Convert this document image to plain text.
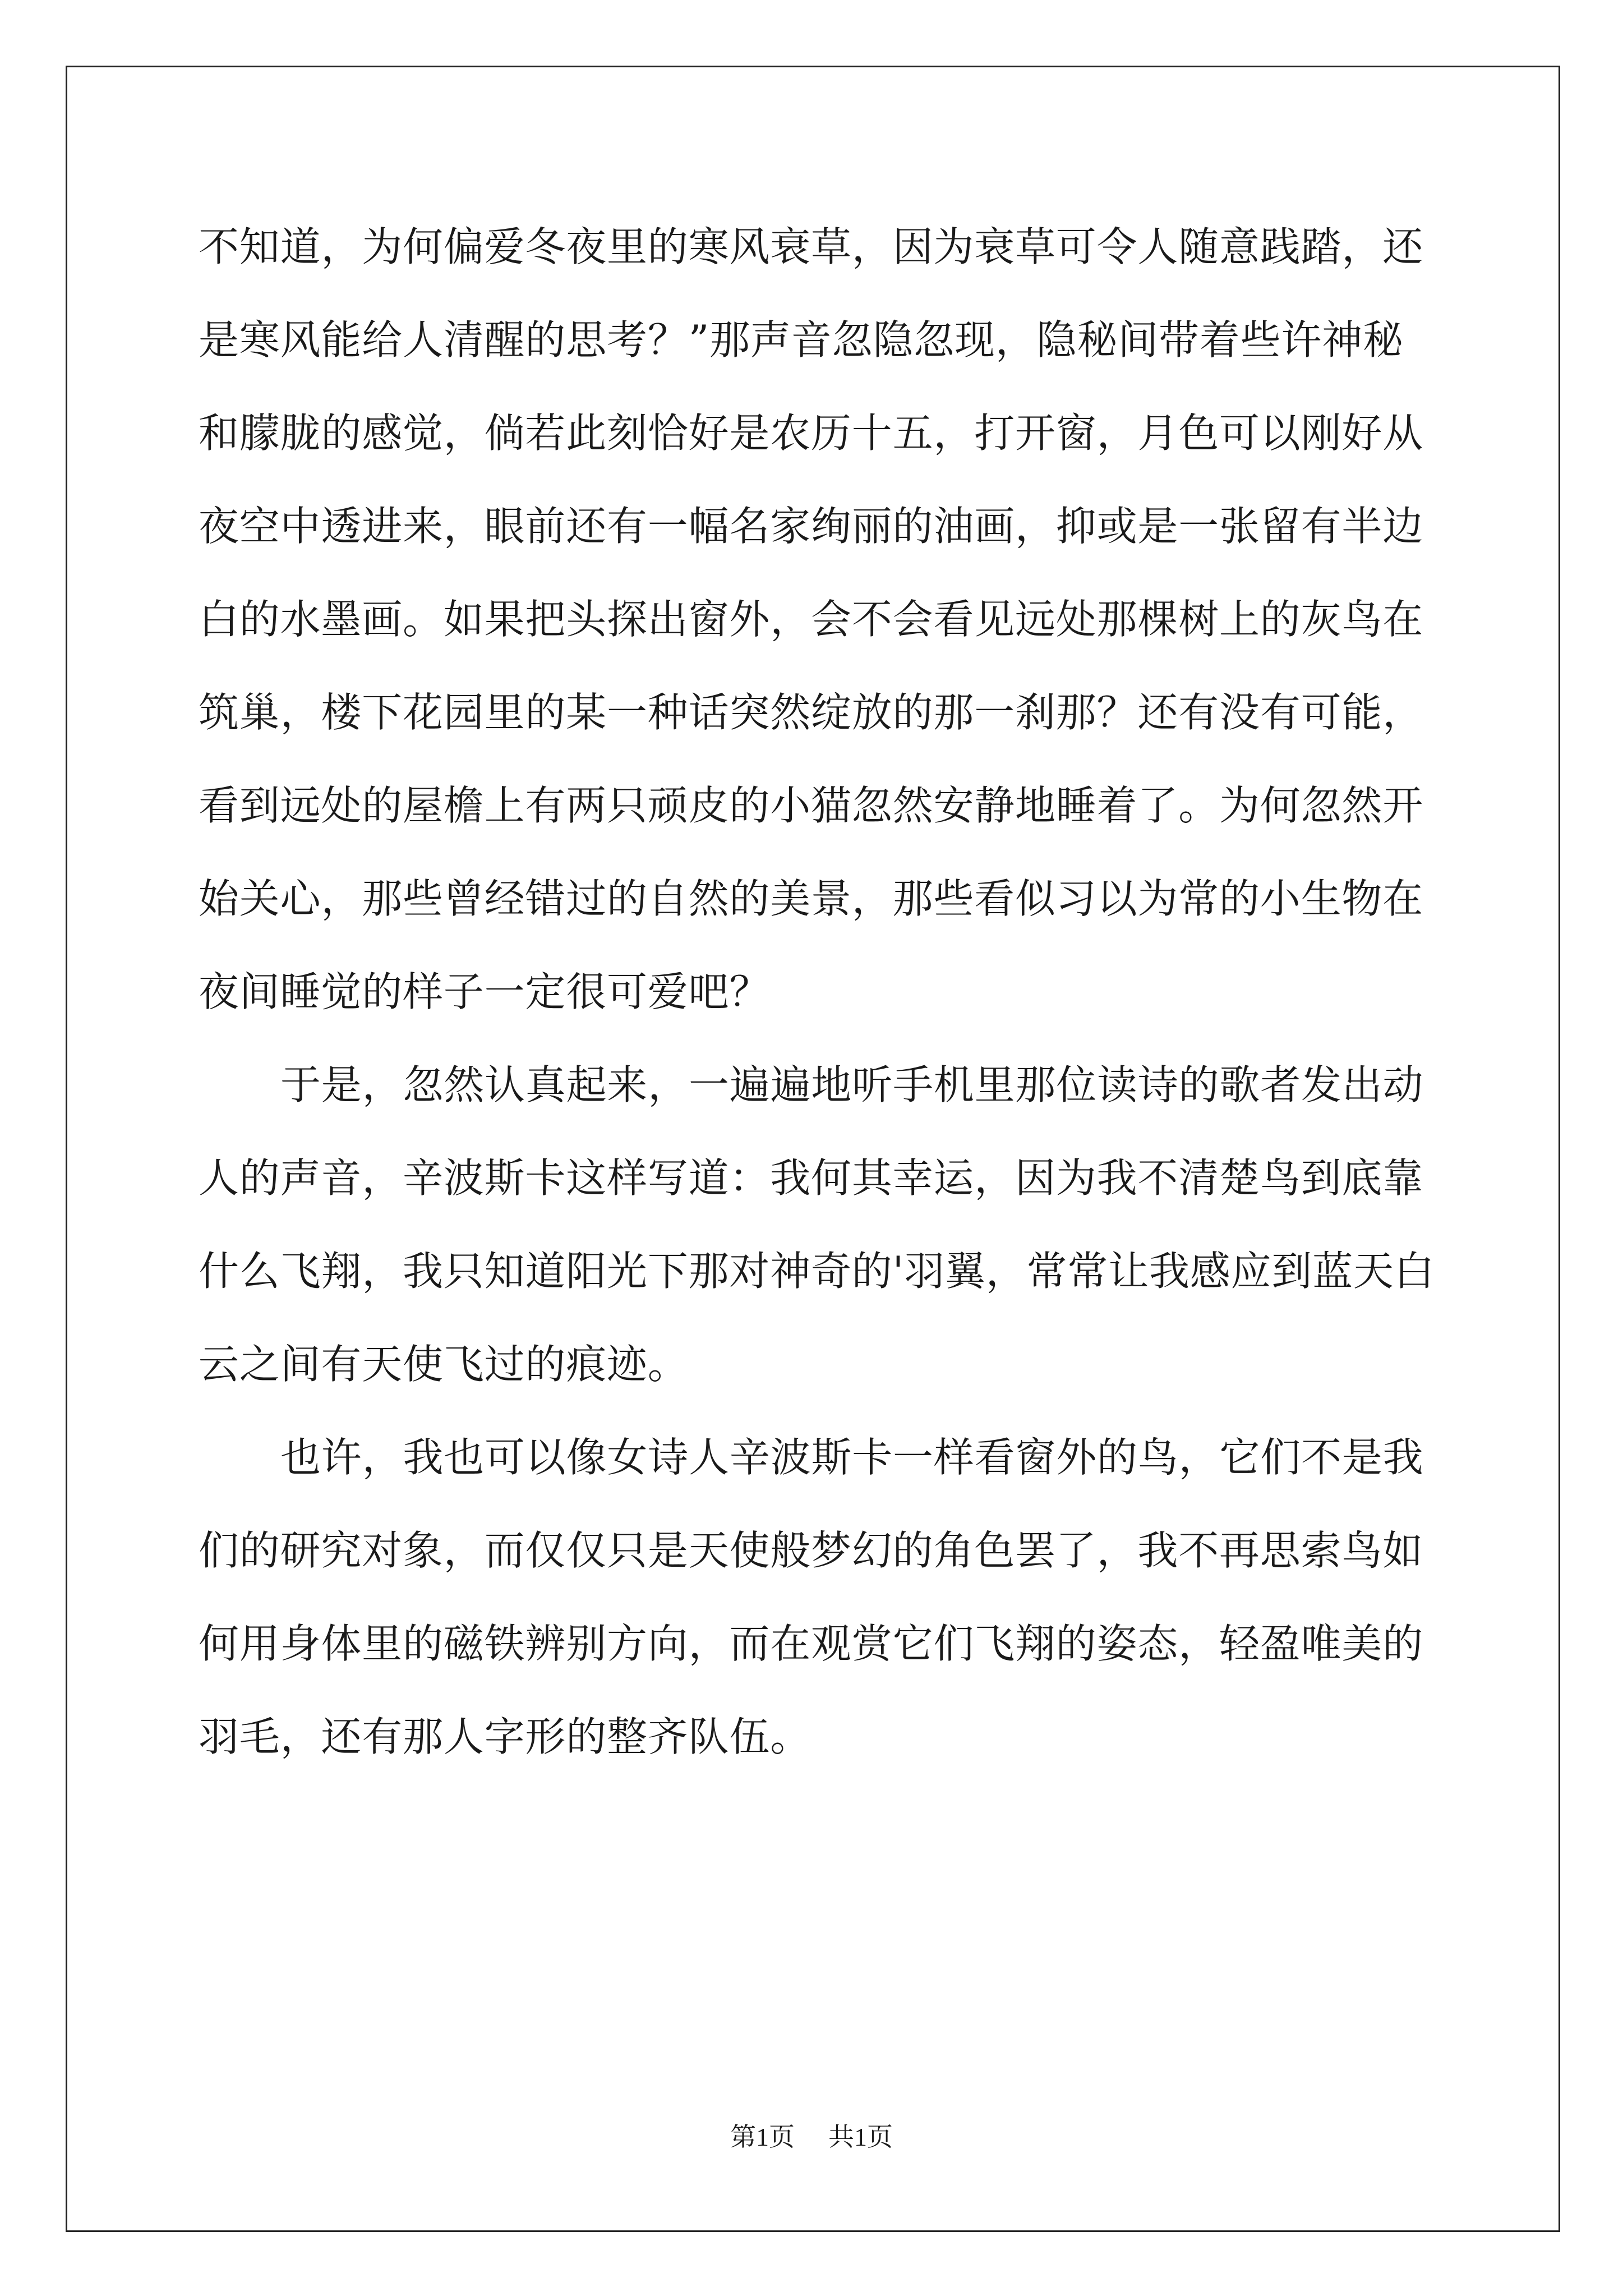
不知道，为何偏爱冬夜里的寒风衰草，因为衰草可令人随意践踏，还
是寒风能给人清醒的思考？”那声音忽隐忽现，隐秘间带着些许神秘
和朦胧的感觉，倘若此刻恰好是农历十五，打开窗，月色可以刚好从
夜空中透进来，眼前还有一幅名家绚丽的油画，抑或是一张留有半边
白的水墨画。如果把头探出窗外，会不会看见远处那棵树上的灰鸟在
筑巢，楼下花园里的某一种话突然绽放的那一刹那？还有没有可能，
看到远处的屋檐上有两只顽皮的小猫忽然安静地睡着了。为何忽然开
始关心，那些曾经错过的自然的美景，那些看似习以为常的小生物在
夜间睡觉的样子一定很可爱吧？
于是，忽然认真起来，一遍遍地听手机里那位读诗的歌者发出动
人的声音，辛波斯卡这样写道：我何其幸运，因为我不清楚鸟到底靠
什么飞翔，我只知道阳光下那对神奇的'羽翼，常常让我感应到蓝天白
云之间有天使飞过的痕迹。
也许，我也可以像女诗人辛波斯卡一样看窗外的鸟，它们不是我
们的研究对象，而仅仅只是天使般梦幻的角色罢了，我不再思索鸟如
何用身体里的磁铁辨别方向，而在观赏它们飞翔的姿态，轻盈唯美的
羽毛，还有那人字形的整齐队伍。
第1页 共1页
